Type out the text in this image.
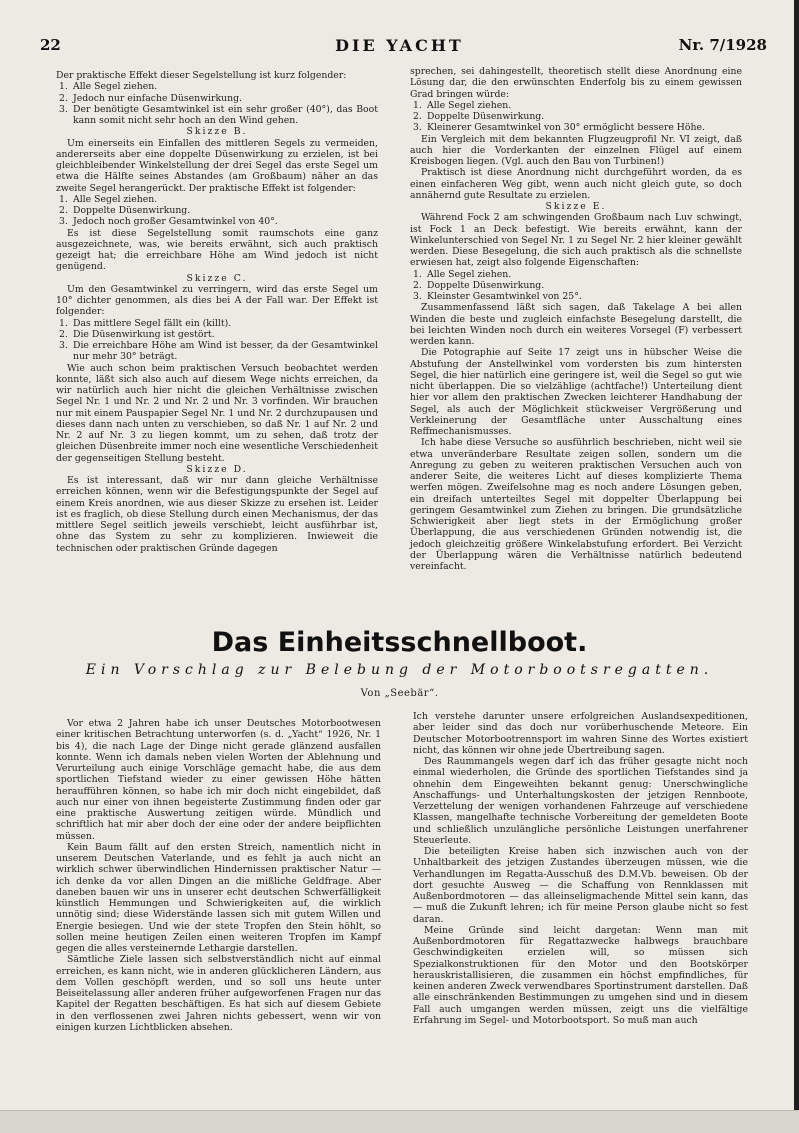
22	DIE YACHT	Nr. 7/1928

Der praktische Effekt dieser Segelstellung ist kurz folgender:

1. Alle Segel ziehen.

2. Jedoch nur einfache Düsenwirkung.

3. Der benötigte Gesamtwinkel ist ein sehr großer (40°), das Boot kann somit nicht sehr hoch an den Wind gehen.

Skizze B.

Um einerseits ein Einfallen des mittleren Segels zu vermeiden, andererseits aber eine doppelte Düsenwirkung zu erzielen, ist bei gleichbleibender Winkelstellung der drei Segel das erste Segel um etwa die Hälfte seines Abstandes (am Großbaum) näher an das zweite Segel herangerückt. Der praktische Effekt ist folgender:

1. Alle Segel ziehen.

2. Doppelte Düsenwirkung.

3. Jedoch noch großer Gesamtwinkel von 40°.

Es ist diese Segelstellung somit raumschots eine ganz ausgezeichnete, was, wie bereits erwähnt, sich auch praktisch gezeigt hat; die erreichbare Höhe am Wind jedoch ist nicht genügend.

Skizze C.

Um den Gesamtwinkel zu verringern, wird das erste Segel um 10° dichter genommen, als dies bei A der Fall war. Der Effekt ist folgender:

1. Das mittlere Segel fällt ein (killt).

2. Die Düsenwirkung ist gestört.

3. Die erreichbare Höhe am Wind ist besser, da der Gesamtwinkel nur mehr 30° beträgt.

Wie auch schon beim praktischen Versuch beobachtet werden konnte, läßt sich also auch auf diesem Wege nichts erreichen, da wir natürlich auch hier nicht die gleichen Verhältnisse zwischen Segel Nr. 1 und Nr. 2 und Nr. 2 und Nr. 3 vorfinden. Wir brauchen nur mit einem Pauspapier Segel Nr. 1 und Nr. 2 durchzupausen und dieses dann nach unten zu verschieben, so daß Nr. 1 auf Nr. 2 und Nr. 2 auf Nr. 3 zu liegen kommt, um zu sehen, daß trotz der gleichen Düsenbreite immer noch eine wesentliche Verschiedenheit der gegenseitigen Stellung besteht.

Skizze D.

Es ist interessant, daß wir nur dann gleiche Verhältnisse erreichen können, wenn wir die Befestigungspunkte der Segel auf einem Kreis anordnen, wie aus dieser Skizze zu ersehen ist. Leider ist es fraglich, ob diese Stellung durch einen Mechanismus, der das mittlere Segel seitlich jeweils verschiebt, leicht ausführbar ist, ohne das System zu sehr zu komplizieren. Inwieweit die technischen oder praktischen Gründe dagegen

sprechen, sei dahingestellt, theoretisch stellt diese Anordnung eine Lösung dar, die den erwünschten Enderfolg bis zu einem gewissen Grad bringen würde:

1. Alle Segel ziehen.

2. Doppelte Düsenwirkung.

3. Kleinerer Gesamtwinkel von 30° ermöglicht bessere Höhe.

Ein Vergleich mit dem bekannten Flugzeugprofil Nr. VI zeigt, daß auch hier die Vorderkanten der einzelnen Flügel auf einem Kreisbogen liegen. (Vgl. auch den Bau von Turbinen!)

Praktisch ist diese Anordnung nicht durchgeführt worden, da es einen einfacheren Weg gibt, wenn auch nicht gleich gute, so doch annähernd gute Resultate zu erzielen.

Skizze E.

Während Fock 2 am schwingenden Großbaum nach Luv schwingt, ist Fock 1 an Deck befestigt. Wie bereits erwähnt, kann der Winkelunterschied von Segel Nr. 1 zu Segel Nr. 2 hier kleiner gewählt werden. Diese Besegelung, die sich auch praktisch als die schnellste erwiesen hat, zeigt also folgende Eigenschaften:

1. Alle Segel ziehen.

2. Doppelte Düsenwirkung.

3. Kleinster Gesamtwinkel von 25°.

Zusammenfassend läßt sich sagen, daß Takelage A bei allen Winden die beste und zugleich einfachste Besegelung darstellt, die bei leichten Winden noch durch ein weiteres Vorsegel (F) verbessert werden kann.

Die Potographie auf Seite 17 zeigt uns in hübscher Weise die Abstufung der Anstellwinkel vom vordersten bis zum hintersten Segel, die hier natürlich eine geringere ist, weil die Segel so gut wie nicht überlappen. Die so vielzählige (achtfache!) Unterteilung dient hier vor allem den praktischen Zwecken leichterer Handhabung der Segel, als auch der Möglichkeit stückweiser Vergrößerung und Verkleinerung der Gesamtfläche unter Ausschaltung eines Reffmechanismusses.

Ich habe diese Versuche so ausführlich beschrieben, nicht weil sie etwa unveränderbare Resultate zeigen sollen, sondern um die Anregung zu geben zu weiteren praktischen Versuchen auch von anderer Seite, die weiteres Licht auf dieses komplizierte Thema werfen mögen. Zweifelsohne mag es noch andere Lösungen geben, ein dreifach unterteiltes Segel mit doppelter Überlappung bei geringem Gesamtwinkel zum Ziehen zu bringen. Die grundsätzliche Schwierigkeit aber liegt stets in der Ermöglichung großer Überlappung, die aus verschiedenen Gründen notwendig ist, die jedoch gleichzeitig größere Winkelabstufung erfordert. Bei Verzicht der Überlappung wären die Verhältnisse natürlich bedeutend vereinfacht.

Das Einheitsschnellboot.
Ein Vorschlag zur Belebung der Motorbootsregatten.
Von „Seebär“.

Vor etwa 2 Jahren habe ich unser Deutsches Motorbootwesen einer kritischen Betrachtung unterworfen (s. d. „Yacht“ 1926, Nr. 1 bis 4), die nach Lage der Dinge nicht gerade glänzend ausfallen konnte. Wenn ich damals neben vielen Worten der Ablehnung und Verurteilung auch einige Vorschläge gemacht habe, die aus dem sportlichen Tiefstand wieder zu einer gewissen Höhe hätten heraufführen können, so habe ich mir doch nicht eingebildet, daß auch nur einer von ihnen begeisterte Zustimmung finden oder gar eine praktische Auswertung zeitigen würde. Mündlich und schriftlich hat mir aber doch der eine oder der andere beipflichten müssen.

Kein Baum fällt auf den ersten Streich, namentlich nicht in unserem Deutschen Vaterlande, und es fehlt ja auch nicht an wirklich schwer überwindlichen Hindernissen praktischer Natur — ich denke da vor allen Dingen an die mißliche Geldfrage. Aber daneben bauen wir uns in unserer echt deutschen Schwerfälligkeit künstlich Hemmungen und Schwierigkeiten auf, die wirklich unnötig sind; diese Widerstände lassen sich mit gutem Willen und Energie besiegen. Und wie der stete Tropfen den Stein höhlt, so sollen meine heutigen Zeilen einen weiteren Tropfen im Kampf gegen die alles versteinernde Lethargie darstellen.

Sämtliche Ziele lassen sich selbstverständlich nicht auf einmal erreichen, es kann nicht, wie in anderen glücklicheren Ländern, aus dem Vollen geschöpft werden, und so soll uns heute unter Beiseitelassung aller anderen früher aufgeworfenen Fragen nur das Kapitel der Regatten beschäftigen. Es hat sich auf diesem Gebiete in den verflossenen zwei Jahren nichts gebessert, wenn wir von einigen kurzen Lichtblicken absehen.

Ich verstehe darunter unsere erfolgreichen Auslandsexpeditionen, aber leider sind das doch nur vorüberhuschende Meteore. Ein Deutscher Motorbootrennsport im wahren Sinne des Wortes existiert nicht, das können wir ohne jede Übertreibung sagen.

Des Raummangels wegen darf ich das früher gesagte nicht noch einmal wiederholen, die Gründe des sportlichen Tiefstandes sind ja ohnehin dem Eingeweihten bekannt genug: Unerschwingliche Anschaffungs- und Unterhaltungskosten der jetzigen Rennboote, Verzettelung der wenigen vorhandenen Fahrzeuge auf verschiedene Klassen, mangelhafte technische Vorbereitung der gemeldeten Boote und schließlich unzulängliche persönliche Leistungen unerfahrener Steuerleute.

Die beteiligten Kreise haben sich inzwischen auch von der Unhaltbarkeit des jetzigen Zustandes überzeugen müssen, wie die Verhandlungen im Regatta-Ausschuß des D.M.Vb. beweisen. Ob der dort gesuchte Ausweg — die Schaffung von Rennklassen mit Außenbordmotoren — das alleinseligmachende Mittel sein kann, das — muß die Zukunft lehren; ich für meine Person glaube nicht so fest daran.

Meine Gründe sind leicht dargetan: Wenn man mit Außenbordmotoren für Regattazwecke halbwegs brauchbare Geschwindigkeiten erzielen will, so müssen sich Spezialkonstruktionen für den Motor und den Bootskörper herauskristallisieren, die zusammen ein höchst empfindliches, für keinen anderen Zweck verwendbares Sportinstrument darstellen. Daß alle einschränkenden Bestimmungen zu umgehen sind und in diesem Fall auch umgangen werden müssen, zeigt uns die vielfältige Erfahrung im Segel- und Motorbootsport. So muß man auch
